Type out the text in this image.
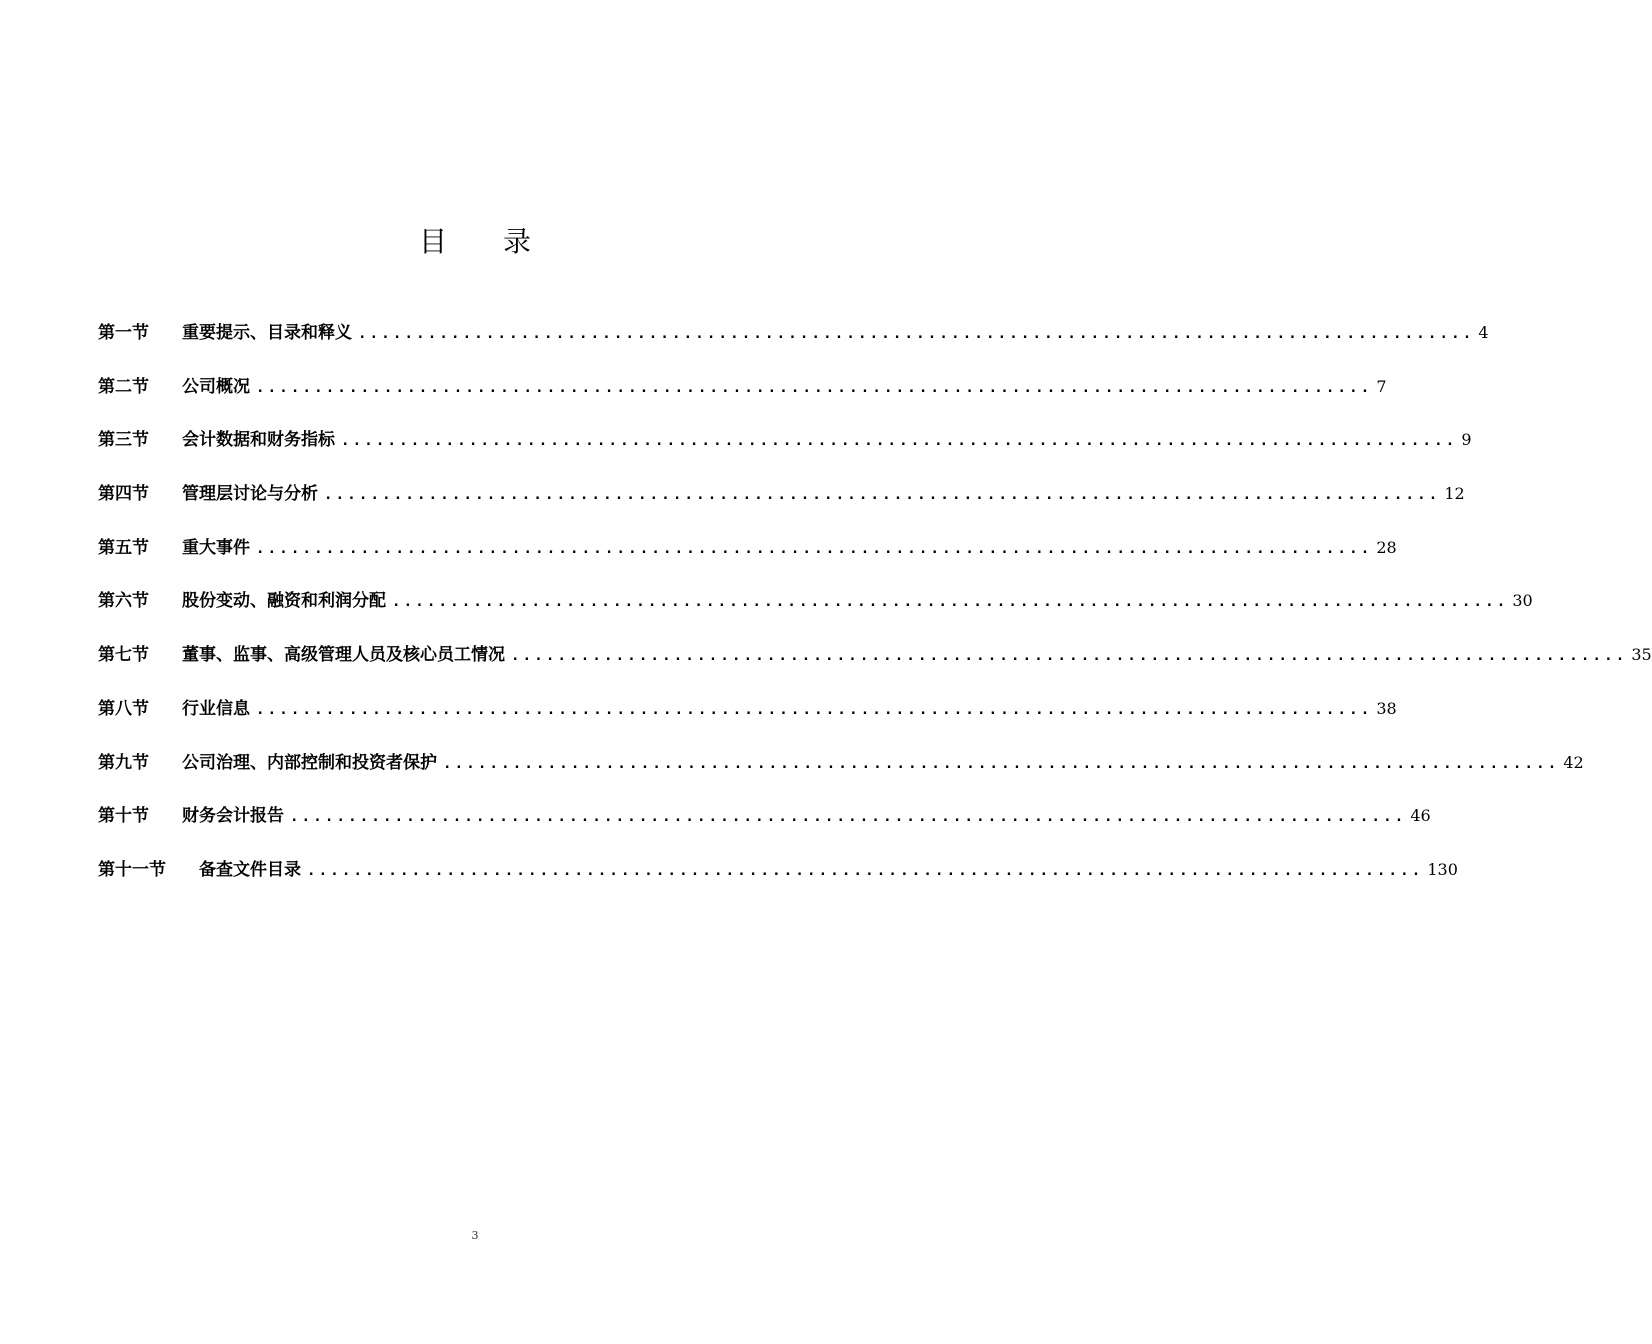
目 录
第一节	重要提示、目录和释义 ................................................................................................ 4
第二节	公司概况 ................................................................................................ 7
第三节	会计数据和财务指标 ................................................................................................ 9
第四节	管理层讨论与分析 ................................................................................................ 12
第五节	重大事件 ................................................................................................ 28
第六节	股份变动、融资和利润分配 ................................................................................................ 30
第七节	董事、监事、高级管理人员及核心员工情况 ................................................................................................ 35
第八节	行业信息 ................................................................................................ 38
第九节	公司治理、内部控制和投资者保护 ................................................................................................ 42
第十节	财务会计报告 ................................................................................................ 46
第十一节	备查文件目录 ................................................................................................ 130
3
